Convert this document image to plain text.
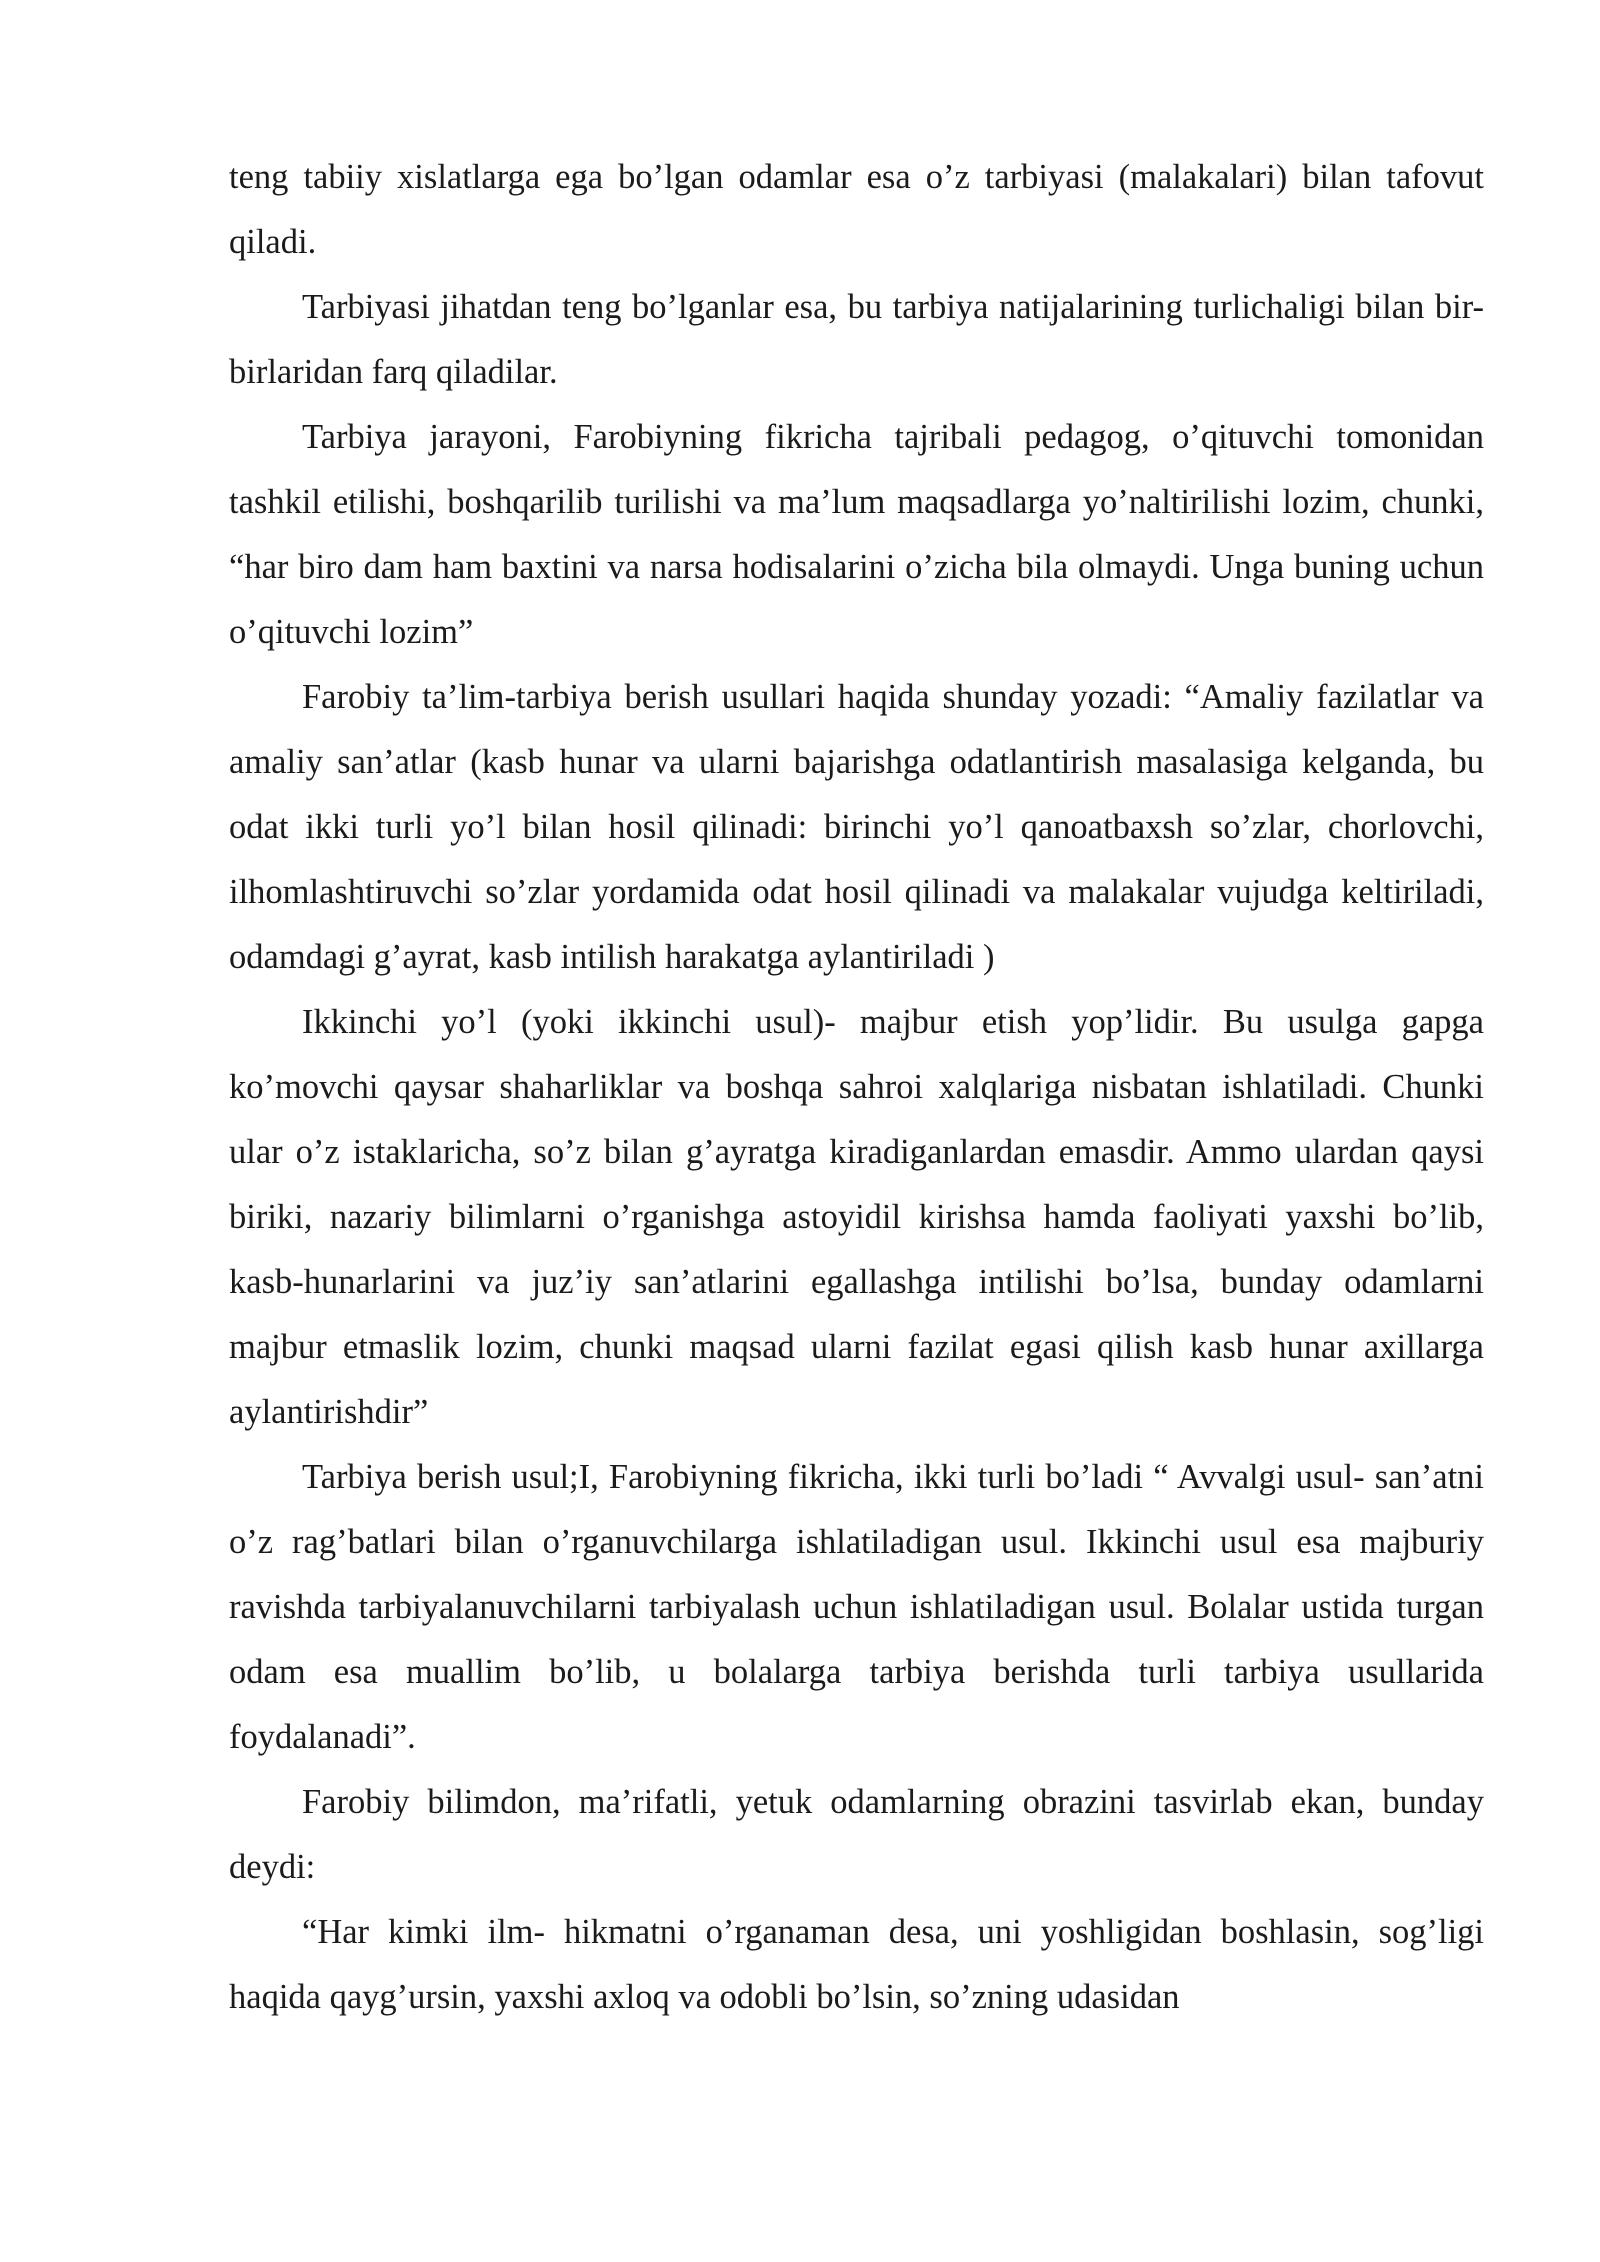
teng tabiiy xislatlarga ega bo’lgan odamlar esa o’z tarbiyasi (malakalari) bilan tafovut qiladi.

Tarbiyasi jihatdan teng bo’lganlar esa, bu tarbiya natijalarining turlichaligi bilan bir-birlaridan farq qiladilar.

Tarbiya jarayoni, Farobiyning fikricha tajribali pedagog, o’qituvchi tomonidan tashkil etilishi, boshqarilib turilishi va ma’lum maqsadlarga yo’naltirilishi lozim, chunki, “har biro dam ham baxtini va narsa hodisalarini o’zicha bila olmaydi. Unga buning uchun o’qituvchi lozim”

Farobiy ta’lim-tarbiya berish usullari haqida shunday yozadi: “Amaliy fazilatlar va amaliy san’atlar (kasb hunar va ularni bajarishga odatlantirish masalasiga kelganda, bu odat ikki turli yo’l bilan hosil qilinadi: birinchi yo’l qanoatbaxsh so’zlar, chorlovchi, ilhomlashtiruvchi so’zlar yordamida odat hosil qilinadi va malakalar vujudga keltiriladi, odamdagi g’ayrat, kasb intilish harakatga aylantiriladi )

Ikkinchi yo’l (yoki ikkinchi usul)- majbur etish yop’lidir. Bu usulga gapga ko’movchi qaysar shaharliklar va boshqa sahroi xalqlariga nisbatan ishlatiladi. Chunki ular o’z istaklaricha, so’z bilan g’ayratga kiradiganlardan emasdir. Ammo ulardan qaysi biriki, nazariy bilimlarni o’rganishga astoyidil kirishsa hamda faoliyati yaxshi bo’lib, kasb-hunarlarini va juz’iy san’atlarini egallashga intilishi bo’lsa, bunday odamlarni majbur etmaslik lozim, chunki maqsad ularni fazilat egasi qilish kasb hunar axillarga aylantirishdir”

Tarbiya berish usul;I, Farobiyning fikricha, ikki turli bo’ladi “ Avvalgi usul- san’atni o’z rag’batlari bilan o’rganuvchilarga ishlatiladigan usul. Ikkinchi usul esa majburiy ravishda tarbiyalanuvchilarni tarbiyalash uchun ishlatiladigan usul. Bolalar ustida turgan odam esa muallim bo’lib, u bolalarga tarbiya berishda turli tarbiya usullarida foydalanadi”.

Farobiy bilimdon, ma’rifatli, yetuk odamlarning obrazini tasvirlab ekan, bunday deydi:

“Har kimki ilm- hikmatni o’rganaman desa, uni yoshligidan boshlasin, sog’ligi haqida qayg’ursin, yaxshi axloq va odobli bo’lsin, so’zning udasidan
